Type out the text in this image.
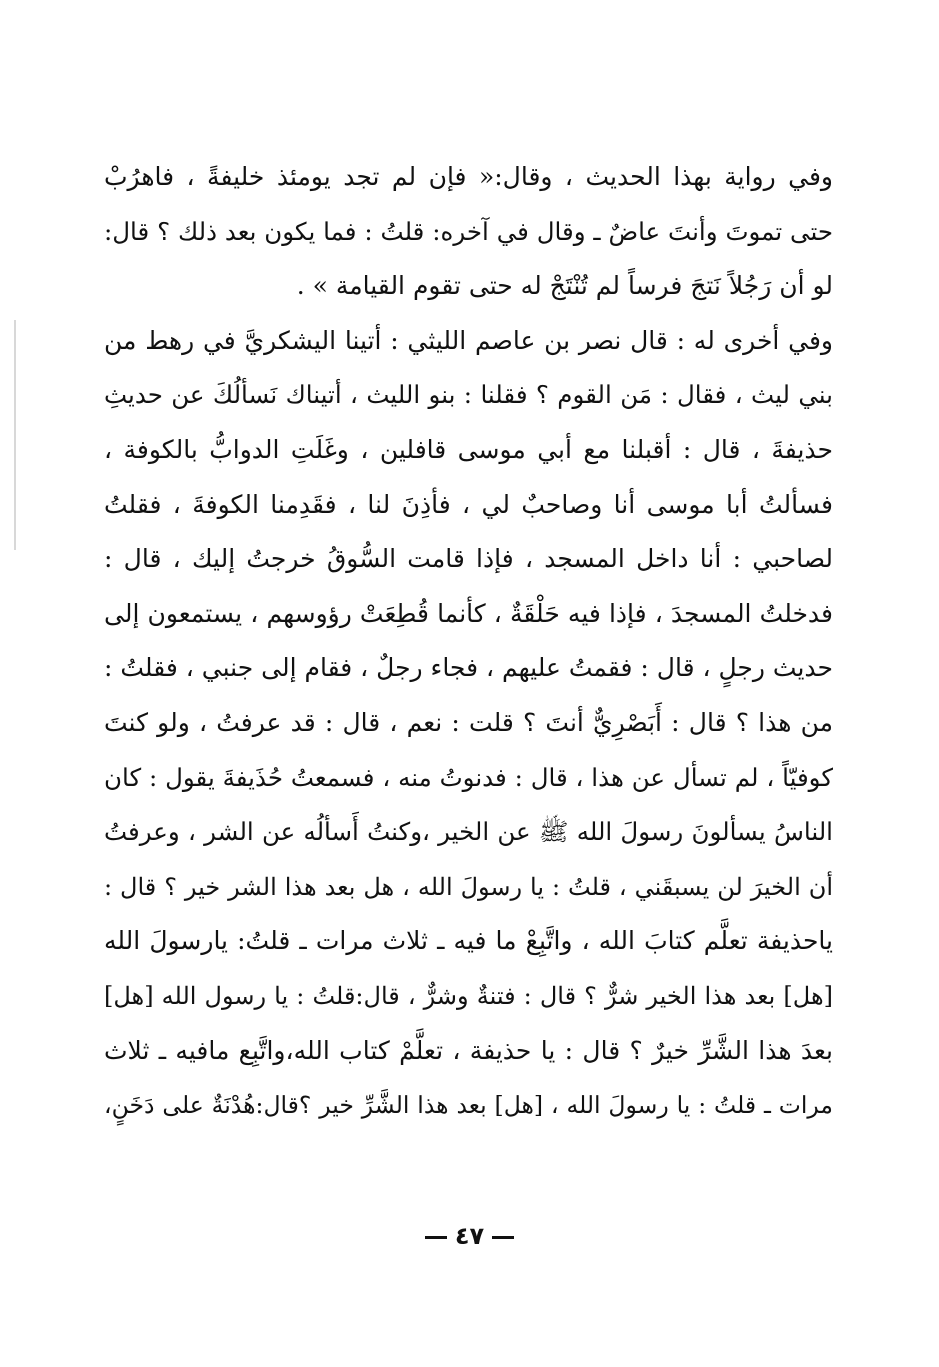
وفي رواية بهذا الحديث ، وقال:« فإن لم تجد يومئذ خليفةً ، فاهرُبْ
حتى تموتَ وأنتَ عاضٌ ـ وقال في آخره: قلتُ : فما يكون بعد ذلك ؟ قال:
لو أن رَجُلاً نَتجَ فرساً لم تُنْتَجْ له حتى تقوم القيامة » .
وفي أخرى له : قال نصر بن عاصم الليثي : أتينا اليشكريَّ في رهط من
بني ليث ، فقال : مَن القوم ؟ فقلنا : بنو الليث ، أتيناك نَسألُكَ عن حديثِ
حذيفةَ ، قال : أقبلنا مع أبي موسى قافلين ، وغَلَتِ الدوابُّ بالكوفة ،
فسألتُ أبا موسى أنا وصاحبٌ لي ، فأذِنَ لنا ، فقَدِمنا الكوفةَ ، فقلتُ
لصاحبي : أنا داخل المسجد ، فإذا قامت السُّوقُ خرجتُ إليك ، قال :
فدخلتُ المسجدَ ، فإذا فيه حَلْقَةٌ ، كأنما قُطِعَتْ رؤوسهم ، يستمعون إلى
حديث رجلٍ ، قال : فقمتُ عليهم ، فجاء رجلٌ ، فقام إلى جنبي ، فقلتُ :
من هذا ؟ قال : أَبَصْرِيٌّ أنتَ ؟ قلت : نعم ، قال : قد عرفتُ ، ولو كنتَ
كوفيّاً ، لم تسأل عن هذا ، قال : فدنوتُ منه ، فسمعتُ حُذَيفةَ يقول : كان
الناسُ يسألونَ رسولَ الله ﷺ عن الخير ،وكنتُ أَسألُه عن الشر ، وعرفتُ
أن الخيرَ لن يسبقَني ، قلتُ : يا رسولَ الله ، هل بعد هذا الشر خير ؟ قال :
ياحذيفة تعلَّم كتابَ الله ، واتَّبِعْ ما فيه ـ ثلاث مرات ـ قلتُ: يارسولَ الله
[هل] بعد هذا الخير شرٌّ ؟ قال : فتنةٌ وشرٌّ ، قال:قلتُ : يا رسول الله [هل]
بعدَ هذا الشَّرِّ خيرٌ ؟ قال : يا حذيفة ، تعلَّمْ كتاب الله،واتَّبِع مافيه ـ ثلاث
مرات ـ قلتُ : يا رسولَ الله ، [هل] بعد هذا الشَّرِّ خير ؟قال:هُدْنَةٌ على دَخَنٍ،
٤٧
